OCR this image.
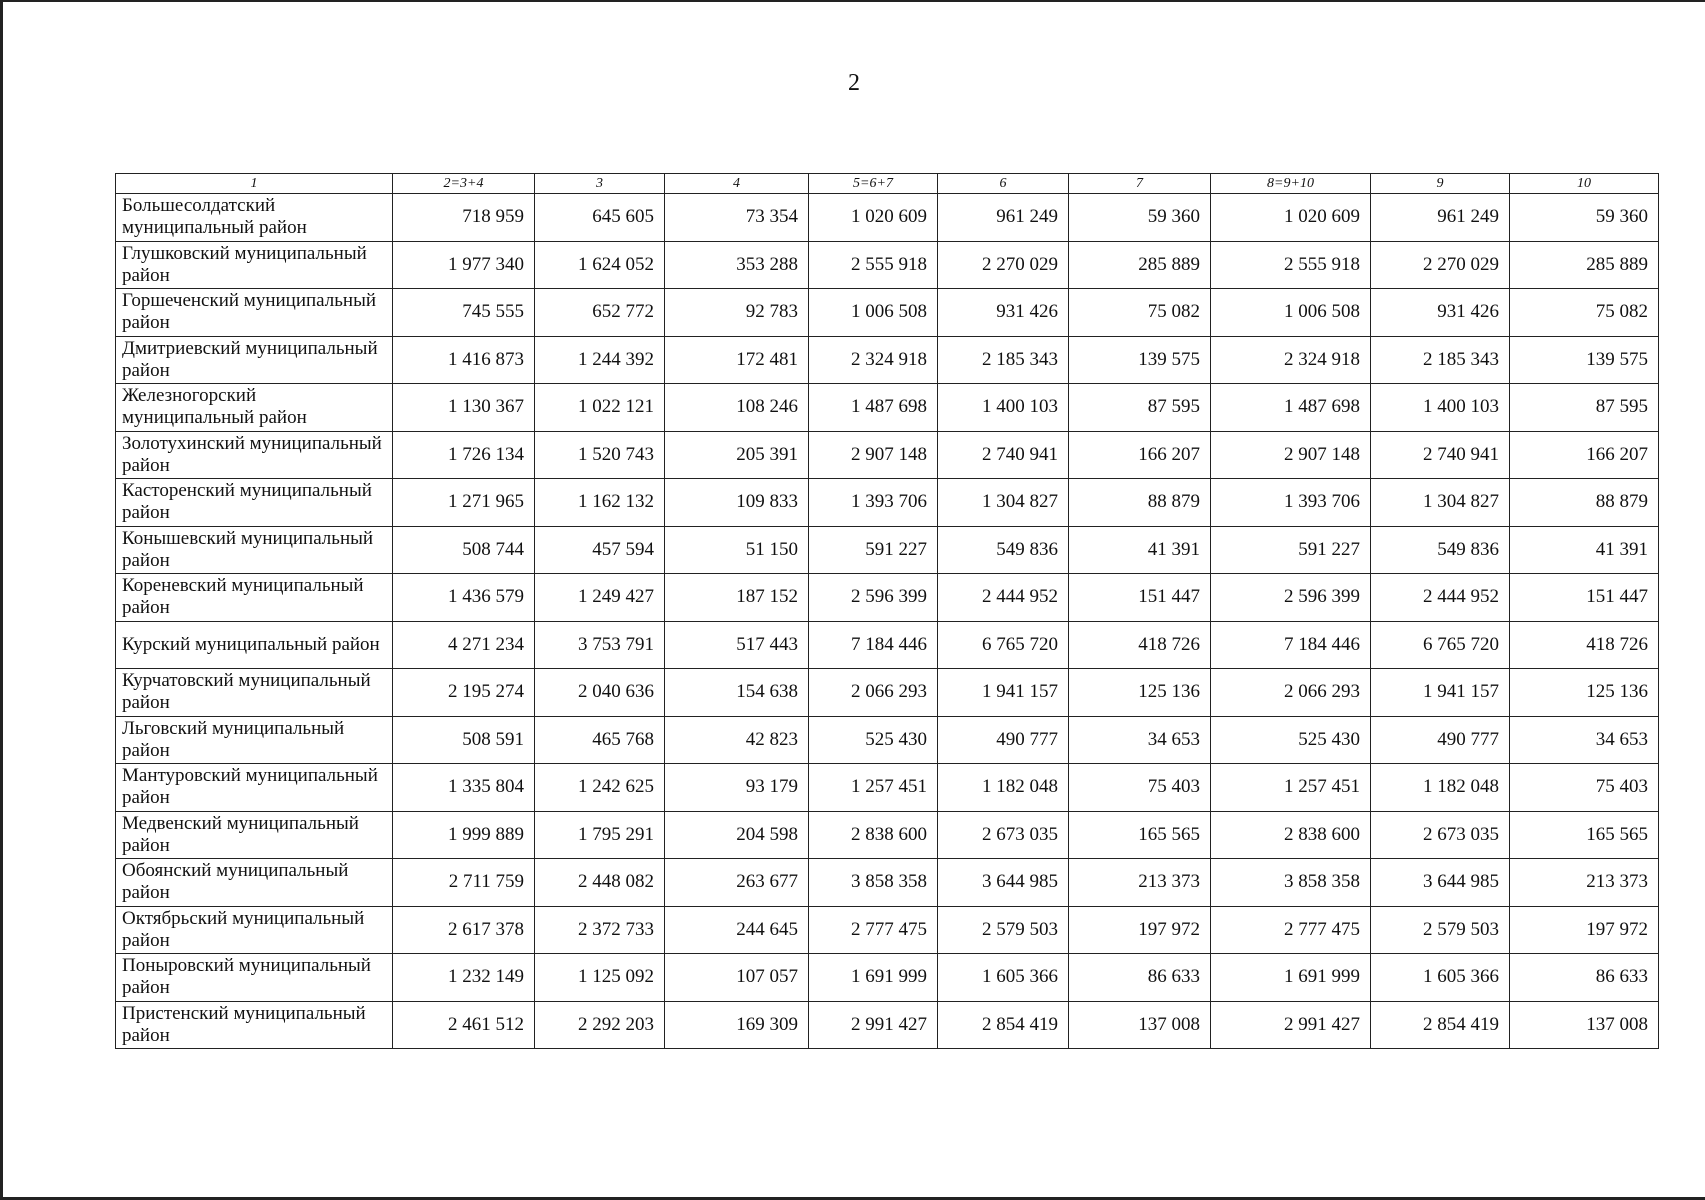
2
1	2=3+4	3	4	5=6+7	6	7	8=9+10	9	10
Большесолдатский муниципальный район	718 959	645 605	73 354	1 020 609	961 249	59 360	1 020 609	961 249	59 360
Глушковский муниципальный район	1 977 340	1 624 052	353 288	2 555 918	2 270 029	285 889	2 555 918	2 270 029	285 889
Горшеченский муниципальный район	745 555	652 772	92 783	1 006 508	931 426	75 082	1 006 508	931 426	75 082
Дмитриевский муниципальный район	1 416 873	1 244 392	172 481	2 324 918	2 185 343	139 575	2 324 918	2 185 343	139 575
Железногорский муниципальный район	1 130 367	1 022 121	108 246	1 487 698	1 400 103	87 595	1 487 698	1 400 103	87 595
Золотухинский муниципальный район	1 726 134	1 520 743	205 391	2 907 148	2 740 941	166 207	2 907 148	2 740 941	166 207
Касторенский муниципальный район	1 271 965	1 162 132	109 833	1 393 706	1 304 827	88 879	1 393 706	1 304 827	88 879
Конышевский муниципальный район	508 744	457 594	51 150	591 227	549 836	41 391	591 227	549 836	41 391
Кореневский муниципальный район	1 436 579	1 249 427	187 152	2 596 399	2 444 952	151 447	2 596 399	2 444 952	151 447
Курский муниципальный район	4 271 234	3 753 791	517 443	7 184 446	6 765 720	418 726	7 184 446	6 765 720	418 726
Курчатовский муниципальный район	2 195 274	2 040 636	154 638	2 066 293	1 941 157	125 136	2 066 293	1 941 157	125 136
Льговский муниципальный район	508 591	465 768	42 823	525 430	490 777	34 653	525 430	490 777	34 653
Мантуровский муниципальный район	1 335 804	1 242 625	93 179	1 257 451	1 182 048	75 403	1 257 451	1 182 048	75 403
Медвенский муниципальный район	1 999 889	1 795 291	204 598	2 838 600	2 673 035	165 565	2 838 600	2 673 035	165 565
Обоянский муниципальный район	2 711 759	2 448 082	263 677	3 858 358	3 644 985	213 373	3 858 358	3 644 985	213 373
Октябрьский муниципальный район	2 617 378	2 372 733	244 645	2 777 475	2 579 503	197 972	2 777 475	2 579 503	197 972
Поныровский муниципальный район	1 232 149	1 125 092	107 057	1 691 999	1 605 366	86 633	1 691 999	1 605 366	86 633
Пристенский муниципальный район	2 461 512	2 292 203	169 309	2 991 427	2 854 419	137 008	2 991 427	2 854 419	137 008
